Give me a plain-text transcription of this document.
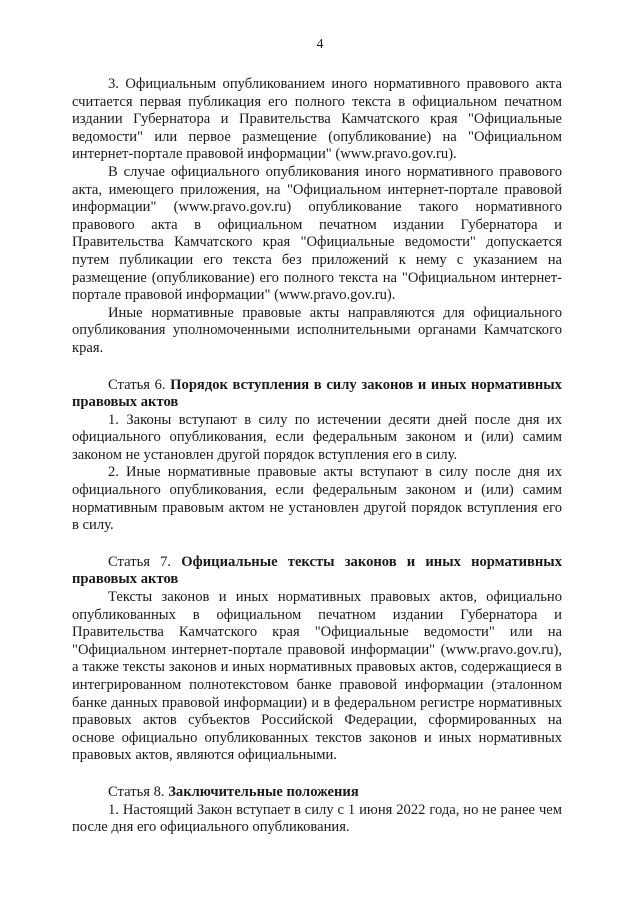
4

3. Официальным опубликованием иного нормативного правового акта считается первая публикация его полного текста в официальном печатном издании Губернатора и Правительства Камчатского края "Официальные ведомости" или первое размещение (опубликование) на "Официальном интернет-портале правовой информации" (www.pravo.gov.ru).

В случае официального опубликования иного нормативного правового акта, имеющего приложения, на "Официальном интернет-портале правовой информации" (www.pravo.gov.ru) опубликование такого нормативного правового акта в официальном печатном издании Губернатора и Правительства Камчатского края "Официальные ведомости" допускается путем публикации его текста без приложений к нему с указанием на размещение (опубликование) его полного текста на "Официальном интернет-портале правовой информации" (www.pravo.gov.ru).

Иные нормативные правовые акты направляются для официального опубликования уполномоченными исполнительными органами Камчатского края.

Статья 6. Порядок вступления в силу законов и иных нормативных правовых актов

1. Законы вступают в силу по истечении десяти дней после дня их официального опубликования, если федеральным законом и (или) самим законом не установлен другой порядок вступления его в силу.

2. Иные нормативные правовые акты вступают в силу после дня их официального опубликования, если федеральным законом и (или) самим нормативным правовым актом не установлен другой порядок вступления его в силу.

Статья 7. Официальные тексты законов и иных нормативных правовых актов

Тексты законов и иных нормативных правовых актов, официально опубликованных в официальном печатном издании Губернатора и Правительства Камчатского края "Официальные ведомости" или на "Официальном интернет-портале правовой информации" (www.pravo.gov.ru), а также тексты законов и иных нормативных правовых актов, содержащиеся в интегрированном полнотекстовом банке правовой информации (эталонном банке данных правовой информации) и в федеральном регистре нормативных правовых актов субъектов Российской Федерации, сформированных на основе официально опубликованных текстов законов и иных нормативных правовых актов, являются официальными.

Статья 8. Заключительные положения

1. Настоящий Закон вступает в силу с 1 июня 2022 года, но не ранее чем после дня его официального опубликования.
